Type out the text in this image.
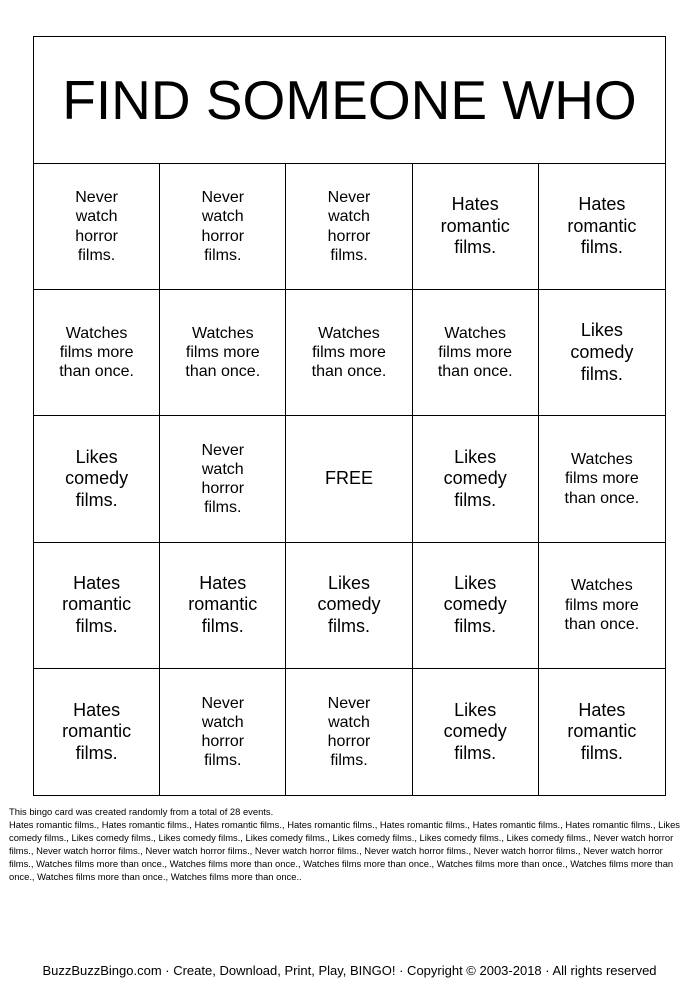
FIND SOMEONE WHO
Never
watch
horror
films.
Never
watch
horror
films.
Never
watch
horror
films.
Hates
romantic
films.
Hates
romantic
films.
Watches
films more
than once.
Watches
films more
than once.
Watches
films more
than once.
Watches
films more
than once.
Likes
comedy
films.
Likes
comedy
films.
Never
watch
horror
films.
FREE
Likes
comedy
films.
Watches
films more
than once.
Hates
romantic
films.
Hates
romantic
films.
Likes
comedy
films.
Likes
comedy
films.
Watches
films more
than once.
Hates
romantic
films.
Never
watch
horror
films.
Never
watch
horror
films.
Likes
comedy
films.
Hates
romantic
films.
This bingo card was created randomly from a total of 28 events.
Hates romantic films., Hates romantic films., Hates romantic films., Hates romantic films., Hates romantic films., Hates romantic films., Hates romantic films., Likes
comedy films., Likes comedy films., Likes comedy films., Likes comedy films., Likes comedy films., Likes comedy films., Likes comedy films., Never watch horror
films., Never watch horror films., Never watch horror films., Never watch horror films., Never watch horror films., Never watch horror films., Never watch horror
films., Watches films more than once., Watches films more than once., Watches films more than once., Watches films more than once., Watches films more than
once., Watches films more than once., Watches films more than once..
BuzzBuzzBingo.com · Create, Download, Print, Play, BINGO! · Copyright © 2003-2018 · All rights reserved
